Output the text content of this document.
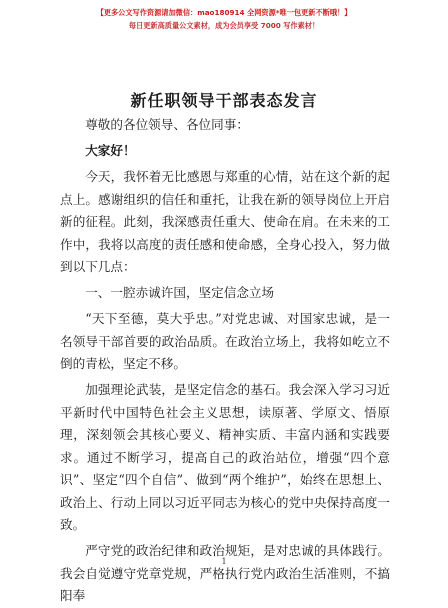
【更多公文写作资源请加微信：mao180914 全网资源*唯一包更新不断哦！】
每日更新高质量公文素材，成为会员享受 7000 写作素材！
新任职领导干部表态发言

尊敬的各位领导、各位同事：

大家好！

今天，我怀着无比感恩与郑重的心情，站在这个新的起点上。感谢组织的信任和重托，让我在新的领导岗位上开启新的征程。此刻，我深感责任重大、使命在肩。在未来的工作中，我将以高度的责任感和使命感，全身心投入，努力做到以下几点：

一、一腔赤诚许国，坚定信念立场

“天下至德，莫大乎忠。”对党忠诚、对国家忠诚，是一名领导干部首要的政治品质。在政治立场上，我将如屹立不倒的青松，坚定不移。

加强理论武装，是坚定信念的基石。我会深入学习习近平新时代中国特色社会主义思想，读原著、学原文、悟原理，深刻领会其核心要义、精神实质、丰富内涵和实践要求。通过不断学习，提高自己的政治站位，增强“四个意识”、坚定“四个自信”、做到“两个维护”，始终在思想上、政治上、行动上同以习近平同志为核心的党中央保持高度一致。

严守党的政治纪律和政治规矩，是对忠诚的具体践行。我会自觉遵守党章党规，严格执行党内政治生活准则，不搞阳奉

1
